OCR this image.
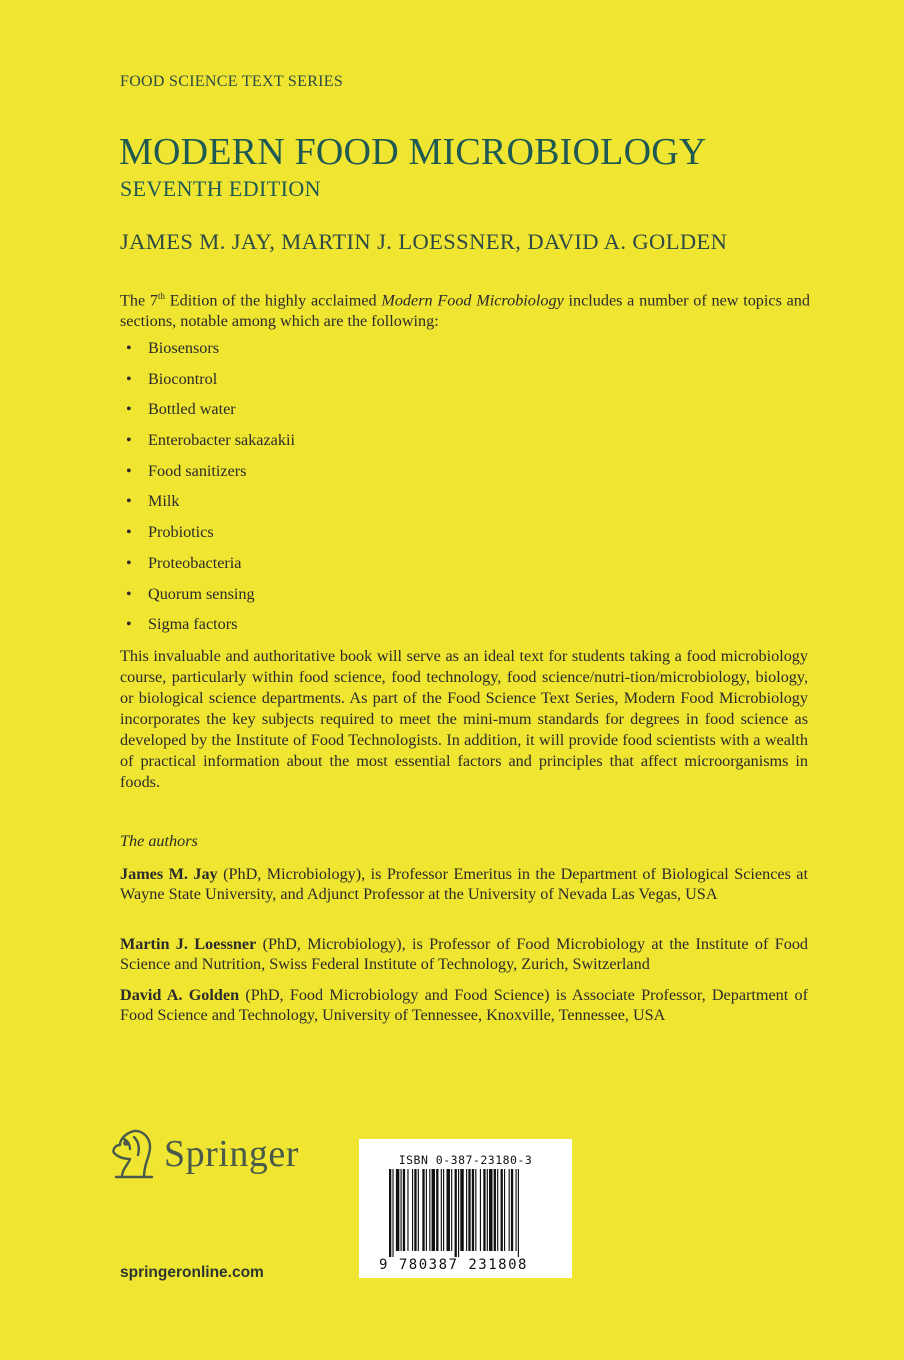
FOOD SCIENCE TEXT SERIES
MODERN FOOD MICROBIOLOGY
SEVENTH EDITION
JAMES M. JAY, MARTIN J. LOESSNER, DAVID A. GOLDEN
The 7th Edition of the highly acclaimed Modern Food Microbiology includes a number of new topics and sections, notable among which are the following:
• Biosensors
• Biocontrol
• Bottled water
• Enterobacter sakazakii
• Food sanitizers
• Milk
• Probiotics
• Proteobacteria
• Quorum sensing
• Sigma factors
This invaluable and authoritative book will serve as an ideal text for students taking a food microbiology course, particularly within food science, food technology, food science/nutri-tion/microbiology, biology, or biological science departments. As part of the Food Science Text Series, Modern Food Microbiology incorporates the key subjects required to meet the mini-mum standards for degrees in food science as developed by the Institute of Food Technologists. In addition, it will provide food scientists with a wealth of practical information about the most essential factors and principles that affect microorganisms in foods.
The authors
James M. Jay (PhD, Microbiology), is Professor Emeritus in the Department of Biological Sciences at Wayne State University, and Adjunct Professor at the University of Nevada Las Vegas, USA
Martin J. Loessner (PhD, Microbiology), is Professor of Food Microbiology at the Institute of Food Science and Nutrition, Swiss Federal Institute of Technology, Zurich, Switzerland
David A. Golden (PhD, Food Microbiology and Food Science) is Associate Professor, Department of Food Science and Technology, University of Tennessee, Knoxville, Tennessee, USA
Springer
springeronline.com
ISBN 0-387-23180-3
9 780387 231808
